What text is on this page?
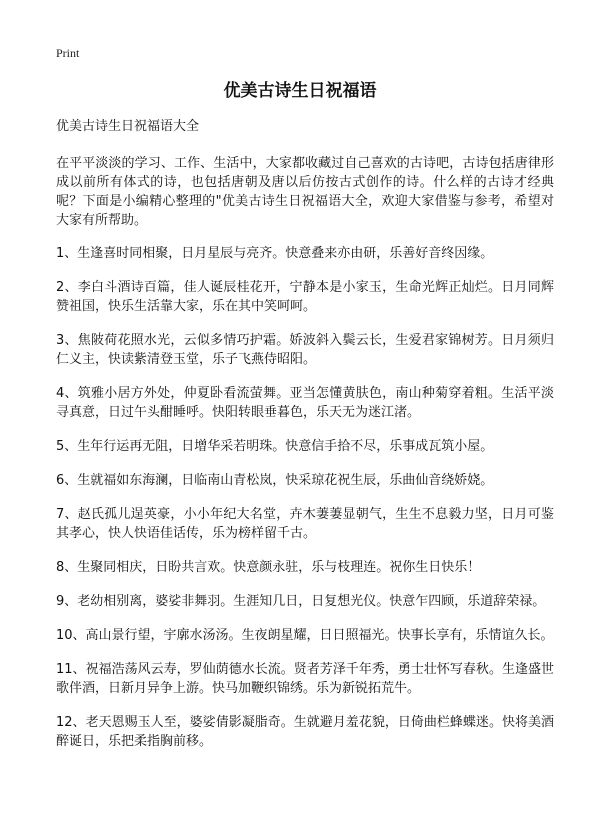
Print
优美古诗生日祝福语

优美古诗生日祝福语大全

在平平淡淡的学习、工作、生活中，大家都收藏过自己喜欢的古诗吧，古诗包括唐律形成以前所有体式的诗，也包括唐朝及唐以后仿按古式创作的诗。什么样的古诗才经典呢？下面是小编精心整理的"优美古诗生日祝福语大全，欢迎大家借鉴与参考，希望对大家有所帮助。

1、生逢喜时同相聚，日月星辰与亮齐。快意叠来亦由研，乐善好音终因缘。

2、李白斗酒诗百篇，佳人诞辰桂花开，宁静本是小家玉，生命光辉正灿烂。日月同辉赞祖国，快乐生活靠大家，乐在其中笑呵呵。

3、焦陂荷花照水光，云似多情巧护霜。娇波斜入鬓云长，生爱君家锦树芳。日月须归仁义主，快读紫清登玉堂，乐子飞燕侍昭阳。

4、筑雅小居方外处，仲夏卧看流萤舞。亚当怎懂黄肤色，南山种菊穿着粗。生活平淡寻真意，日过午头酣睡呼。快阳转眼垂暮色，乐天无为迷江渚。

5、生年行运再无阻，日增华采若明珠。快意信手拾不尽，乐事成瓦筑小屋。

6、生就福如东海澜，日临南山青松岚，快采琼花祝生辰，乐曲仙音绕娇娆。

7、赵氏孤儿逞英豪，小小年纪大名堂，卉木萋萋显朝气，生生不息毅力坚，日月可鉴其孝心，快人快语佳话传，乐为榜样留千古。

8、生聚同相庆，日盼共言欢。快意颜永驻，乐与枝理连。祝你生日快乐！

9、老幼相别离，婆娑非舞羽。生涯知几日，日复想光仪。快意乍四顾，乐道辞荣禄。

10、高山景行望，宇廓水汤汤。生夜朗星耀，日日照福光。快事长享有，乐情谊久长。

11、祝福浩荡风云寿，罗仙荫德水长流。贤者芳泽千年秀，勇士壮怀写春秋。生逢盛世歌伴酒，日新月异争上游。快马加鞭织锦绣。乐为新锐拓荒牛。

12、老天恩赐玉人至，婆娑倩影凝脂奇。生就避月羞花貌，日倚曲栏蜂蝶迷。快将美酒醉诞日，乐把柔指胸前移。
